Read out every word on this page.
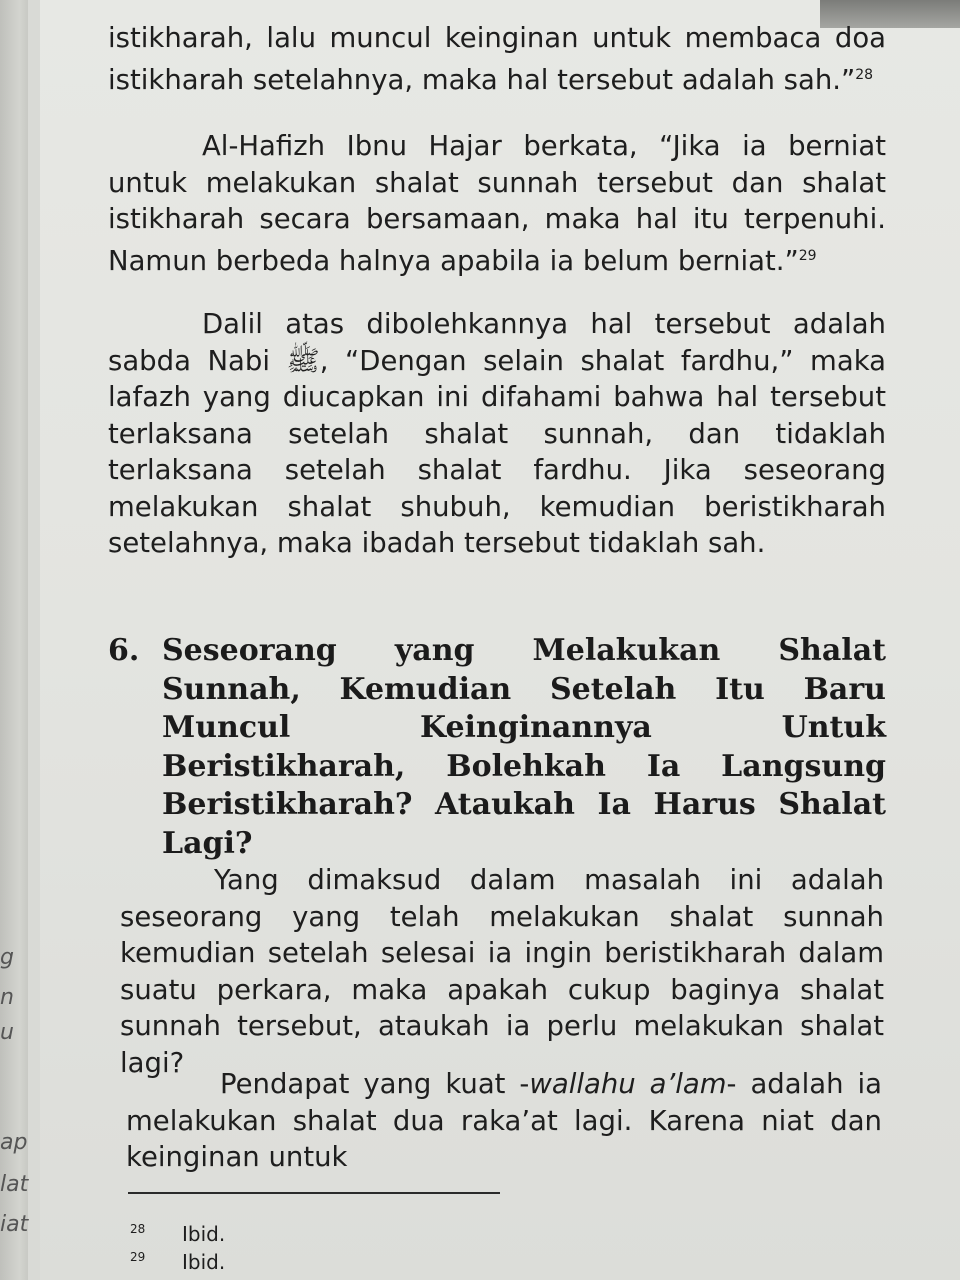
g
n
u
ap
lat
iat

istikharah, lalu muncul keinginan untuk membaca doa istikharah setelahnya, maka hal tersebut adalah sah.”$^{28}$

Al-Hafizh Ibnu Hajar berkata, “Jika ia berniat untuk melakukan shalat sunnah tersebut dan shalat istikharah secara bersamaan, maka hal itu terpenuhi. Namun berbeda halnya apabila ia belum berniat.”$^{29}$

Dalil atas dibolehkannya hal tersebut adalah sabda Nabi ﷺ, “Dengan selain shalat fardhu,” maka lafazh yang diucapkan ini difahami bahwa hal tersebut terlaksana setelah shalat sunnah, dan tidaklah terlaksana setelah shalat fardhu. Jika seseorang melakukan shalat shubuh, kemudian beristikharah setelahnya, maka ibadah tersebut tidaklah sah.

6. Seseorang yang Melakukan Shalat Sunnah, Kemudian Setelah Itu Baru Muncul Keinginannya Untuk Beristikharah, Bolehkah Ia Langsung Beristikharah? Ataukah Ia Harus Shalat Lagi?

Yang dimaksud dalam masalah ini adalah seseorang yang telah melakukan shalat sunnah kemudian setelah selesai ia ingin beristikharah dalam suatu perkara, maka apakah cukup baginya shalat sunnah tersebut, ataukah ia perlu melakukan shalat lagi?

Pendapat yang kuat -wallahu a’lam- adalah ia melakukan shalat dua raka’at lagi. Karena niat dan keinginan untuk

28 Ibid.
29 Ibid.
